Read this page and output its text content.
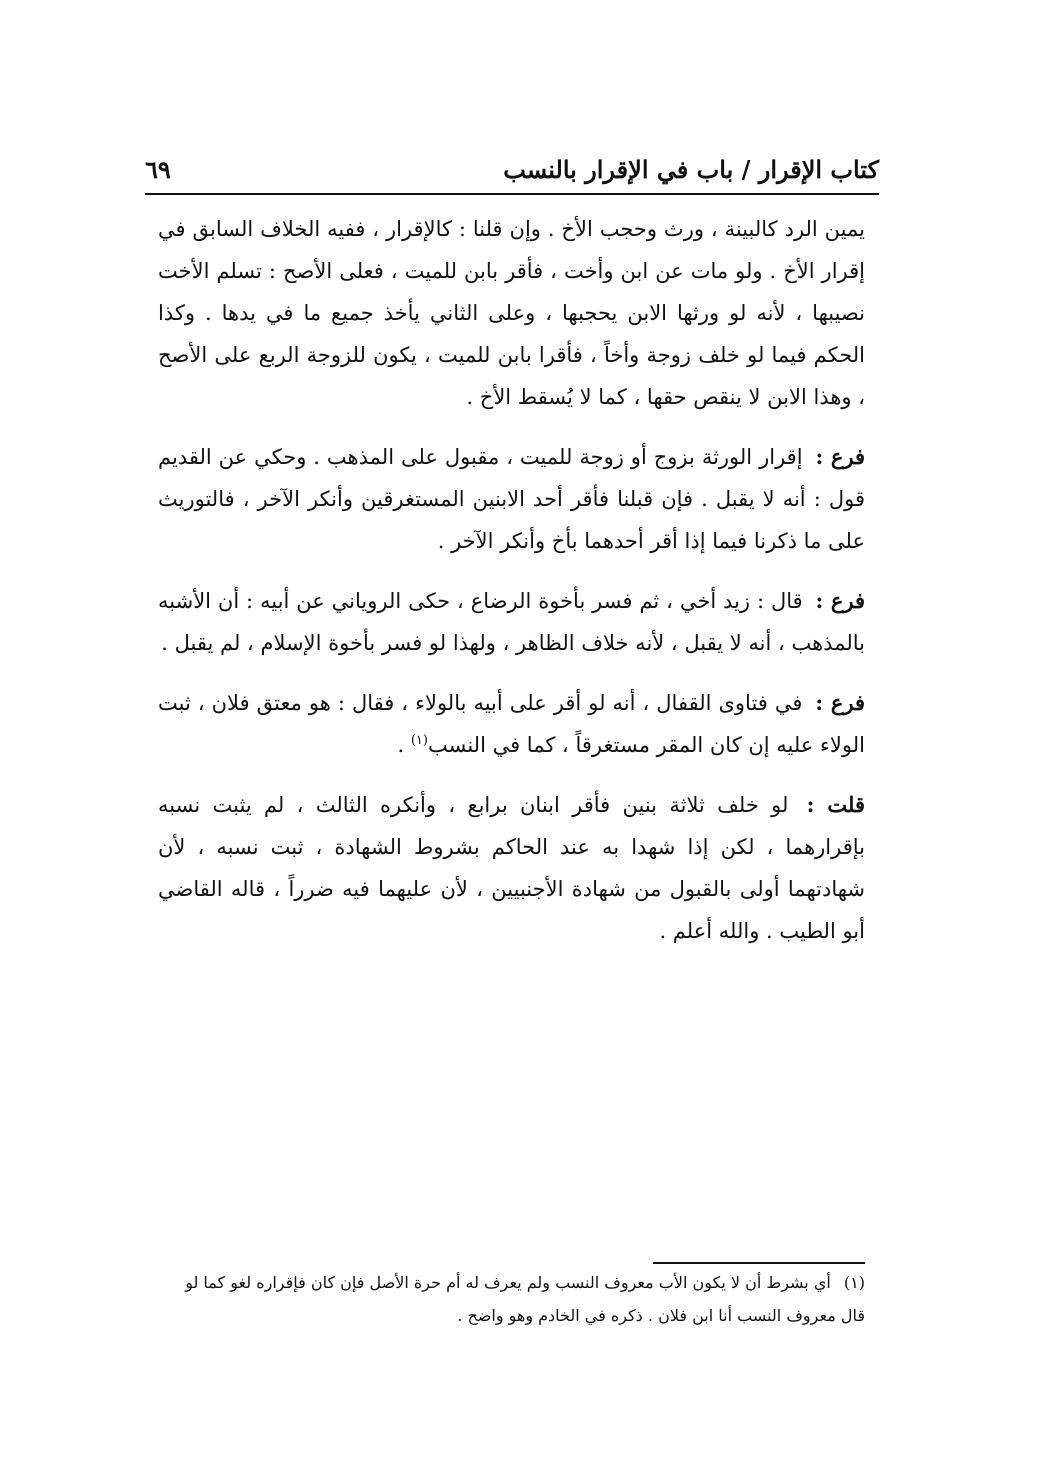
كتاب الإقرار / باب في الإقرار بالنسب
٦٩

يمين الرد كالبينة ، ورث وحجب الأخ . وإن قلنا : كالإقرار ، ففيه الخلاف السابق في إقرار الأخ . ولو مات عن ابن وأخت ، فأقر بابن للميت ، فعلى الأصح : تسلم الأخت نصيبها ، لأنه لو ورثها الابن يحجبها ، وعلى الثاني يأخذ جميع ما في يدها . وكذا الحكم فيما لو خلف زوجة وأخاً ، فأقرا بابن للميت ، يكون للزوجة الربع على الأصح ، وهذا الابن لا ينقص حقها ، كما لا يُسقط الأخ .

فرع : إقرار الورثة بزوج أو زوجة للميت ، مقبول على المذهب . وحكي عن القديم قول : أنه لا يقبل . فإن قبلنا فأقر أحد الابنين المستغرقين وأنكر الآخر ، فالتوريث على ما ذكرنا فيما إذا أقر أحدهما بأخ وأنكر الآخر .

فرع : قال : زيد أخي ، ثم فسر بأخوة الرضاع ، حكى الروياني عن أبيه : أن الأشبه بالمذهب ، أنه لا يقبل ، لأنه خلاف الظاهر ، ولهذا لو فسر بأخوة الإسلام ، لم يقبل .

فرع : في فتاوى القفال ، أنه لو أقر على أبيه بالولاء ، فقال : هو معتق فلان ، ثبت الولاء عليه إن كان المقر مستغرقاً ، كما في النسب$^{(١)}$ .

قلت : لو خلف ثلاثة بنين فأقر ابنان برابع ، وأنكره الثالث ، لم يثبت نسبه بإقرارهما ، لكن إذا شهدا به عند الحاكم بشروط الشهادة ، ثبت نسبه ، لأن شهادتهما أولى بالقبول من شهادة الأجنبيين ، لأن عليهما فيه ضرراً ، قاله القاضي أبو الطيب . والله أعلم .

(١) أي بشرط أن لا يكون الأب معروف النسب ولم يعرف له أم حرة الأصل فإن كان فإقراره لغو كما لو قال معروف النسب أنا ابن فلان . ذكره في الخادم وهو واضح .
